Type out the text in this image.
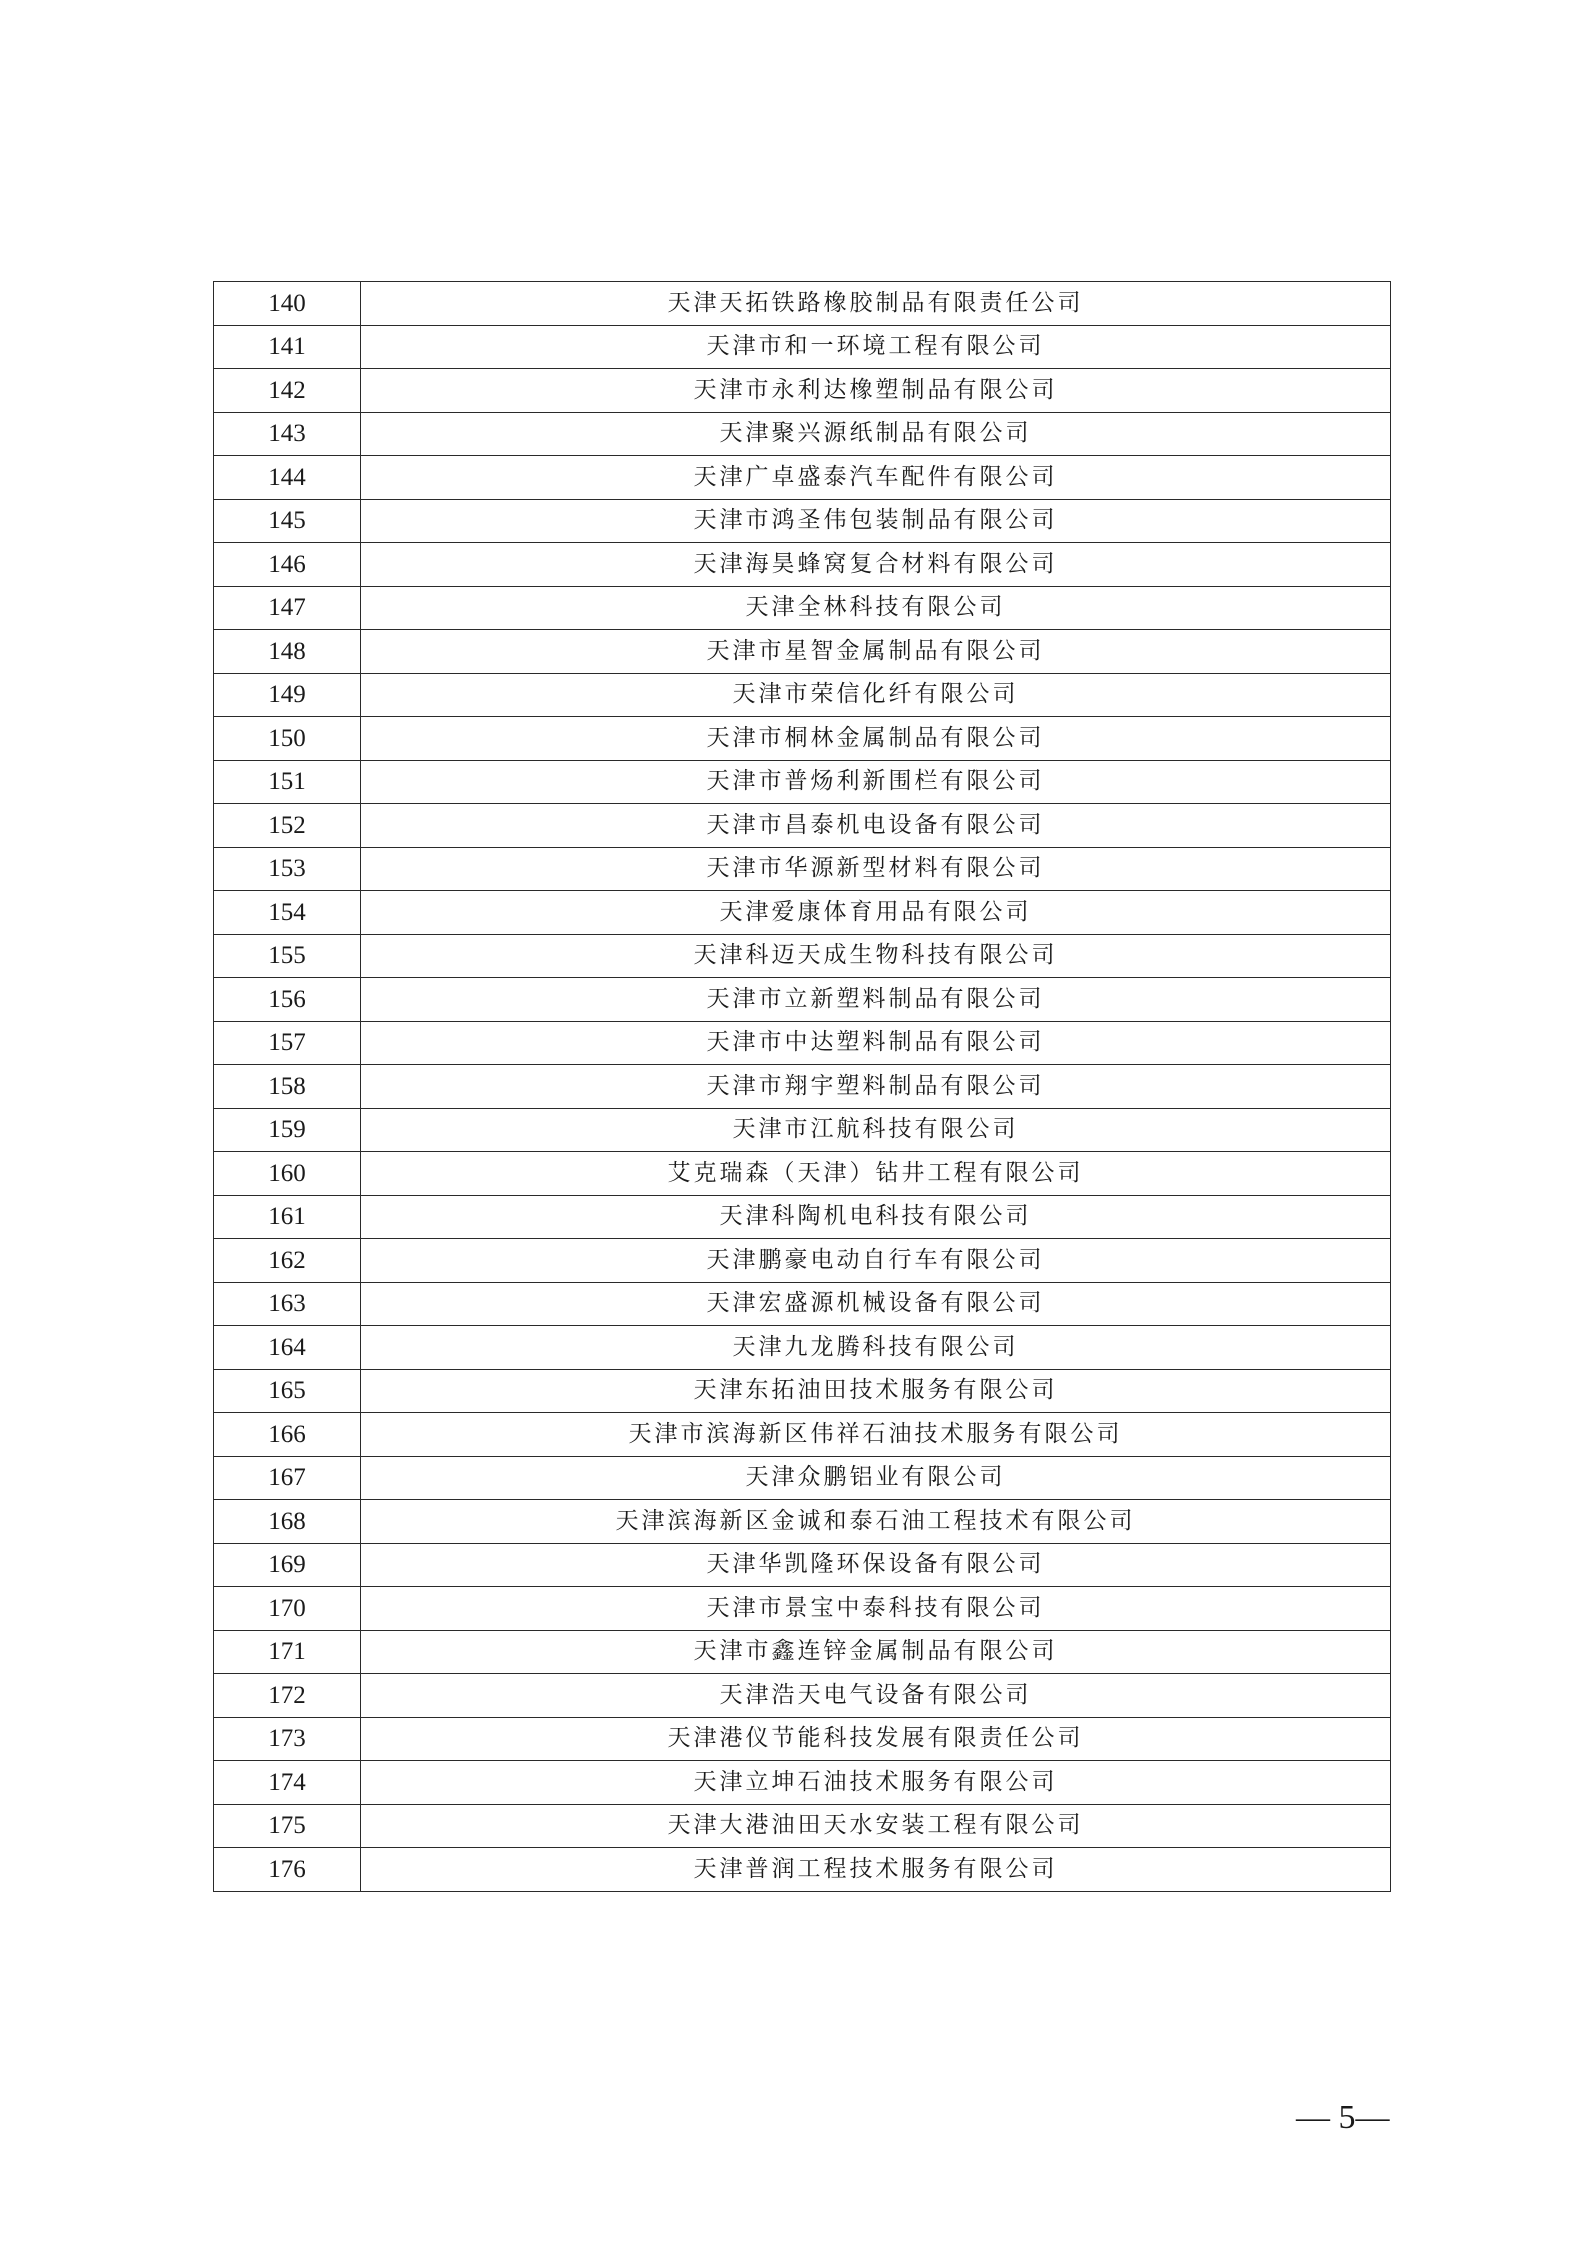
140	天津天拓铁路橡胶制品有限责任公司
141	天津市和一环境工程有限公司
142	天津市永利达橡塑制品有限公司
143	天津聚兴源纸制品有限公司
144	天津广卓盛泰汽车配件有限公司
145	天津市鸿圣伟包装制品有限公司
146	天津海昊蜂窝复合材料有限公司
147	天津全林科技有限公司
148	天津市星智金属制品有限公司
149	天津市荣信化纤有限公司
150	天津市桐林金属制品有限公司
151	天津市普炀利新围栏有限公司
152	天津市昌泰机电设备有限公司
153	天津市华源新型材料有限公司
154	天津爱康体育用品有限公司
155	天津科迈天成生物科技有限公司
156	天津市立新塑料制品有限公司
157	天津市中达塑料制品有限公司
158	天津市翔宇塑料制品有限公司
159	天津市江航科技有限公司
160	艾克瑞森（天津）钻井工程有限公司
161	天津科陶机电科技有限公司
162	天津鹏豪电动自行车有限公司
163	天津宏盛源机械设备有限公司
164	天津九龙腾科技有限公司
165	天津东拓油田技术服务有限公司
166	天津市滨海新区伟祥石油技术服务有限公司
167	天津众鹏铝业有限公司
168	天津滨海新区金诚和泰石油工程技术有限公司
169	天津华凯隆环保设备有限公司
170	天津市景宝中泰科技有限公司
171	天津市鑫连锌金属制品有限公司
172	天津浩天电气设备有限公司
173	天津港仪节能科技发展有限责任公司
174	天津立坤石油技术服务有限公司
175	天津大港油田天水安装工程有限公司
176	天津普润工程技术服务有限公司
— 5—
